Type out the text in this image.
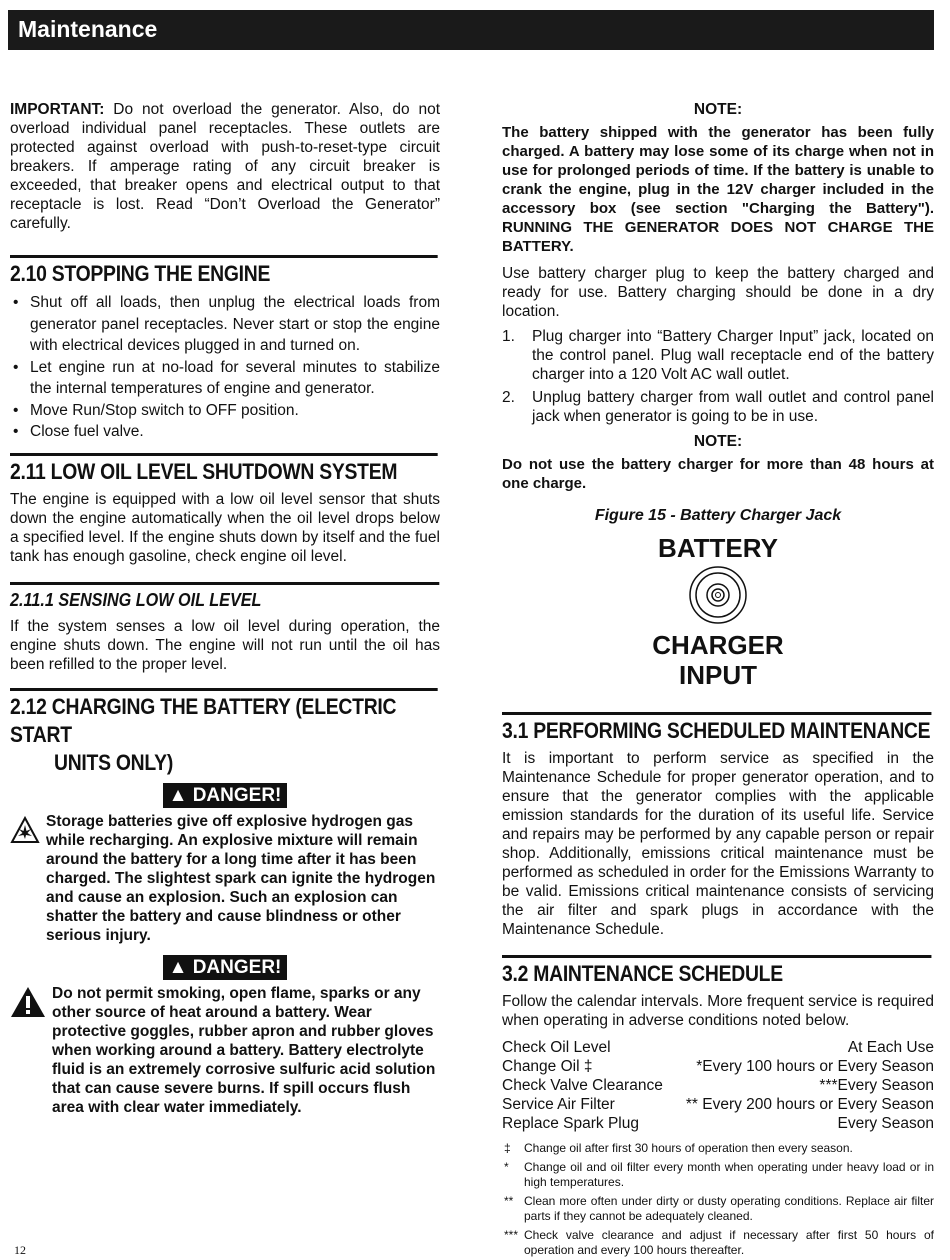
Maintenance

IMPORTANT: Do not overload the generator. Also, do not overload individual panel receptacles. These outlets are protected against overload with push-to-reset-type circuit breakers. If amperage rating of any circuit breaker is exceeded, that breaker opens and electrical output to that receptacle is lost. Read “Don’t Overload the Generator” carefully.

2.10 STOPPING THE ENGINE
• Shut off all loads, then unplug the electrical loads from generator panel receptacles. Never start or stop the engine with electrical devices plugged in and turned on.
• Let engine run at no-load for several minutes to stabilize the internal temperatures of engine and generator.
• Move Run/Stop switch to OFF position.
• Close fuel valve.
2.11 LOW OIL LEVEL SHUTDOWN SYSTEM

The engine is equipped with a low oil level sensor that shuts down the engine automatically when the oil level drops below a specified level. If the engine shuts down by itself and the fuel tank has enough gasoline, check engine oil level.

2.11.1 SENSING LOW OIL LEVEL

If the system senses a low oil level during operation, the engine shuts down. The engine will not run until the oil has been refilled to the proper level.

2.12 CHARGING THE BATTERY (ELECTRIC START
UNITS ONLY)
▲ DANGER!
Storage batteries give off explosive hydrogen gas while recharging. An explosive mixture will remain around the battery for a long time after it has been charged. The slightest spark can ignite the hydrogen and cause an explosion. Such an explosion can shatter the battery and cause blindness or other serious injury.
▲ DANGER!
Do not permit smoking, open flame, sparks or any other source of heat around a battery. Wear protective goggles, rubber apron and rubber gloves when working around a battery. Battery electrolyte fluid is an extremely corrosive sulfuric acid solution that can cause severe burns. If spill occurs flush area with clear water immediately.
NOTE:
The battery shipped with the generator has been fully charged. A battery may lose some of its charge when not in use for prolonged periods of time. If the battery is unable to crank the engine, plug in the 12V charger included in the accessory box (see section "Charging the Battery"). RUNNING THE GENERATOR DOES NOT CHARGE THE BATTERY.

Use battery charger plug to keep the battery charged and ready for use. Battery charging should be done in a dry location.

1. Plug charger into “Battery Charger Input” jack, located on the control panel. Plug wall receptacle end of the battery charger into a 120 Volt AC wall outlet.
2. Unplug battery charger from wall outlet and control panel jack when generator is going to be in use.
NOTE:
Do not use the battery charger for more than 48 hours at one charge.
Figure 15 - Battery Charger Jack
BATTERY
CHARGER
INPUT
3.1 PERFORMING SCHEDULED MAINTENANCE

It is important to perform service as specified in the Maintenance Schedule for proper generator operation, and to ensure that the generator complies with the applicable emission standards for the duration of its useful life. Service and repairs may be performed by any capable person or repair shop. Additionally, emissions critical maintenance must be performed as scheduled in order for the Emissions Warranty to be valid. Emissions critical maintenance consists of servicing the air filter and spark plugs in accordance with the Maintenance Schedule.

3.2 MAINTENANCE SCHEDULE

Follow the calendar intervals. More frequent service is required when operating in adverse conditions noted below.

Check Oil Level	At Each Use
Change Oil ‡	*Every 100 hours or Every Season
Check Valve Clearance	***Every Season
Service Air Filter	** Every 200 hours or Every Season
Replace Spark Plug	Every Season
‡ Change oil after first 30 hours of operation then every season.
* Change oil and oil filter every month when operating under heavy load or in high temperatures.
** Clean more often under dirty or dusty operating conditions. Replace air filter parts if they cannot be adequately cleaned.
*** Check valve clearance and adjust if necessary after first 50 hours of operation and every 100 hours thereafter.
12
